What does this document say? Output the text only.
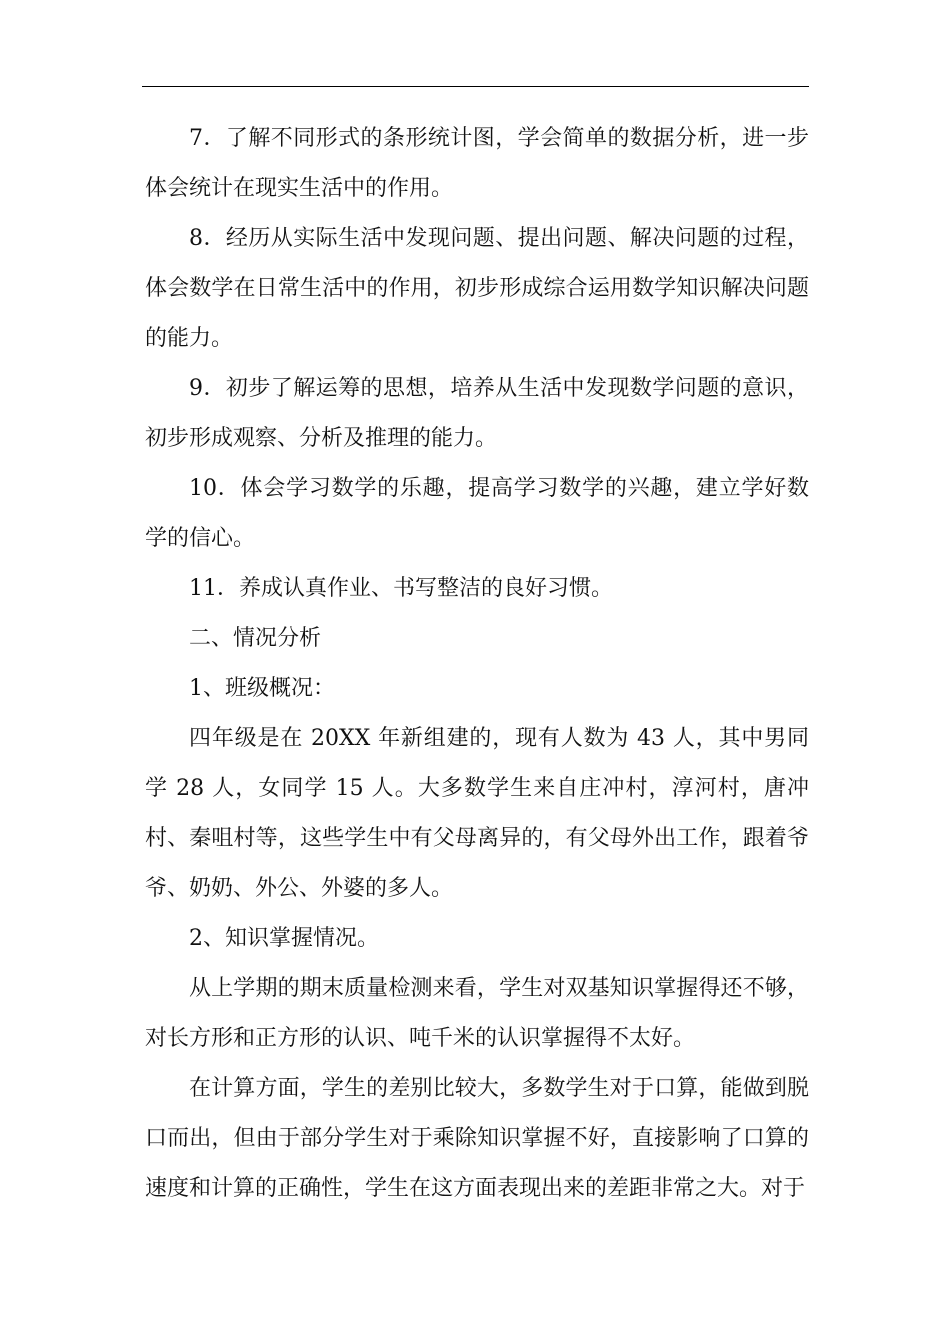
7．了解不同形式的条形统计图，学会简单的数据分析，进一步体会统计在现实生活中的作用。

8．经历从实际生活中发现问题、提出问题、解决问题的过程，体会数学在日常生活中的作用，初步形成综合运用数学知识解决问题的能力。

9．初步了解运筹的思想，培养从生活中发现数学问题的意识，初步形成观察、分析及推理的能力。

10．体会学习数学的乐趣，提高学习数学的兴趣，建立学好数学的信心。

11．养成认真作业、书写整洁的良好习惯。

二、情况分析

1、班级概况：

四年级是在 20XX 年新组建的，现有人数为 43 人，其中男同学 28 人，女同学 15 人。大多数学生来自庄冲村，淳河村，唐冲村、秦咀村等，这些学生中有父母离异的，有父母外出工作，跟着爷爷、奶奶、外公、外婆的多人。

2、知识掌握情况。

从上学期的期末质量检测来看，学生对双基知识掌握得还不够，对长方形和正方形的认识、吨千米的认识掌握得不太好。

在计算方面，学生的差别比较大，多数学生对于口算，能做到脱口而出，但由于部分学生对于乘除知识掌握不好，直接影响了口算的速度和计算的正确性，学生在这方面表现出来的差距非常之大。对于
